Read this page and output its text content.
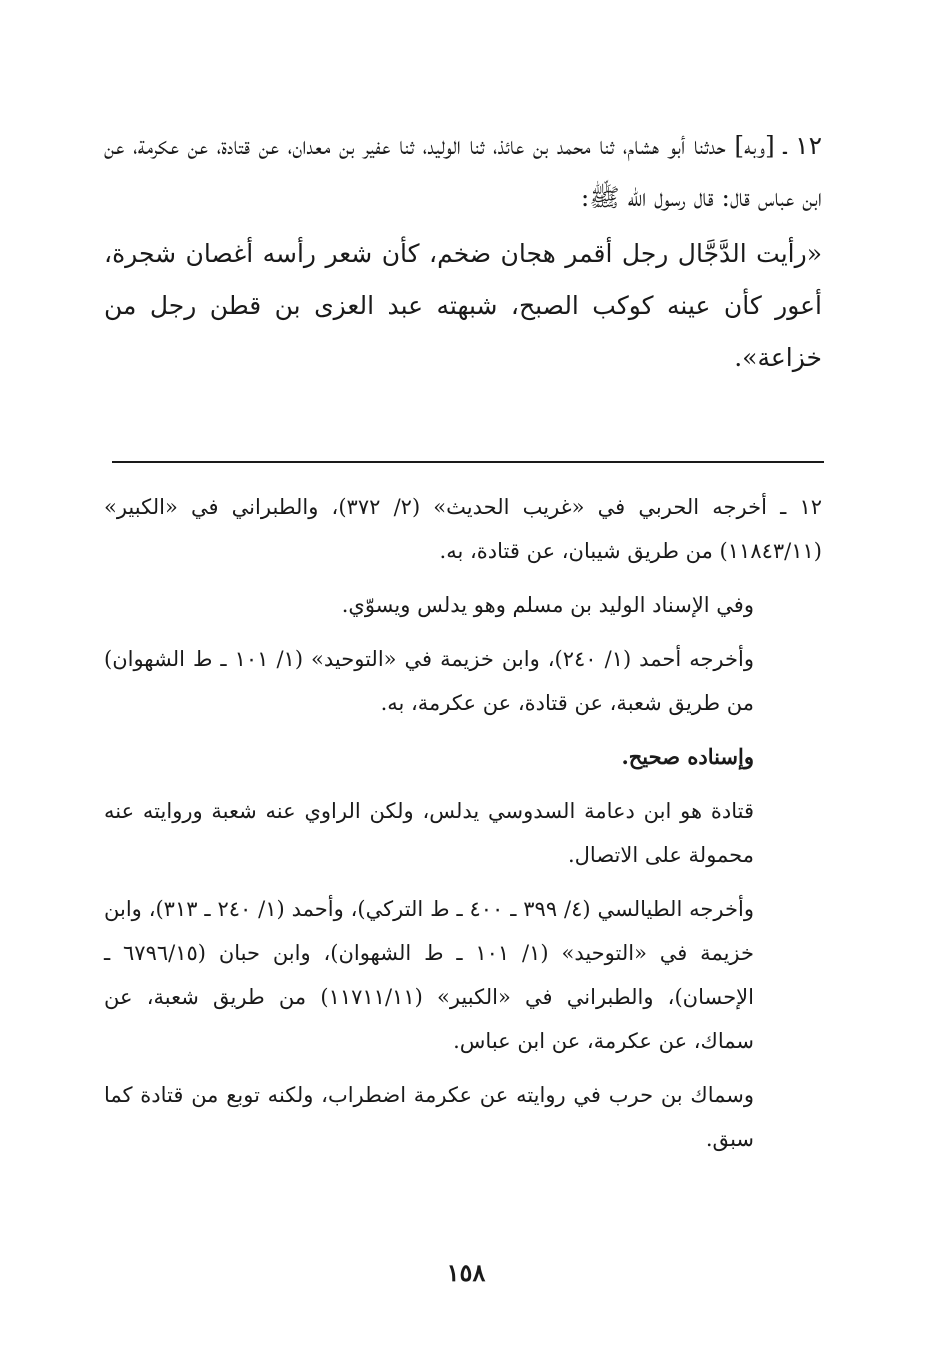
١٢ ـ [وبه] حدثنا أبو هشام، ثنا محمد بن عائذ، ثنا الوليد، ثنا عفير بن معدان، عن قتادة، عن عكرمة، عن ابن عباس قال: قال رسول الله ﷺ:

«رأيت الدَّجَّال رجل أقمر هجان ضخم، كأن شعر رأسه أغصان شجرة، أعور كأن عينه كوكب الصبح، شبهته عبد العزى بن قطن رجل من خزاعة».

١٢ ـ أخرجه الحربي في «غريب الحديث» (٢/ ٣٧٢)، والطبراني في «الكبير» (١١٨٤٣/١١) من طريق شيبان، عن قتادة، به.

وفي الإسناد الوليد بن مسلم وهو يدلس ويسوّي.

وأخرجه أحمد (١/ ٢٤٠)، وابن خزيمة في «التوحيد» (١/ ١٠١ ـ ط الشهوان) من طريق شعبة، عن قتادة، عن عكرمة، به.

وإسناده صحيح.

قتادة هو ابن دعامة السدوسي يدلس، ولكن الراوي عنه شعبة وروايته عنه محمولة على الاتصال.

وأخرجه الطيالسي (٤/ ٣٩٩ ـ ٤٠٠ ـ ط التركي)، وأحمد (١/ ٢٤٠ ـ ٣١٣)، وابن خزيمة في «التوحيد» (١/ ١٠١ ـ ط الشهوان)، وابن حبان (٦٧٩٦/١٥ ـ الإحسان)، والطبراني في «الكبير» (١١٧١١/١١) من طريق شعبة، عن سماك، عن عكرمة، عن ابن عباس.

وسماك بن حرب في روايته عن عكرمة اضطراب، ولكنه توبع من قتادة كما سبق.

١٥٨
